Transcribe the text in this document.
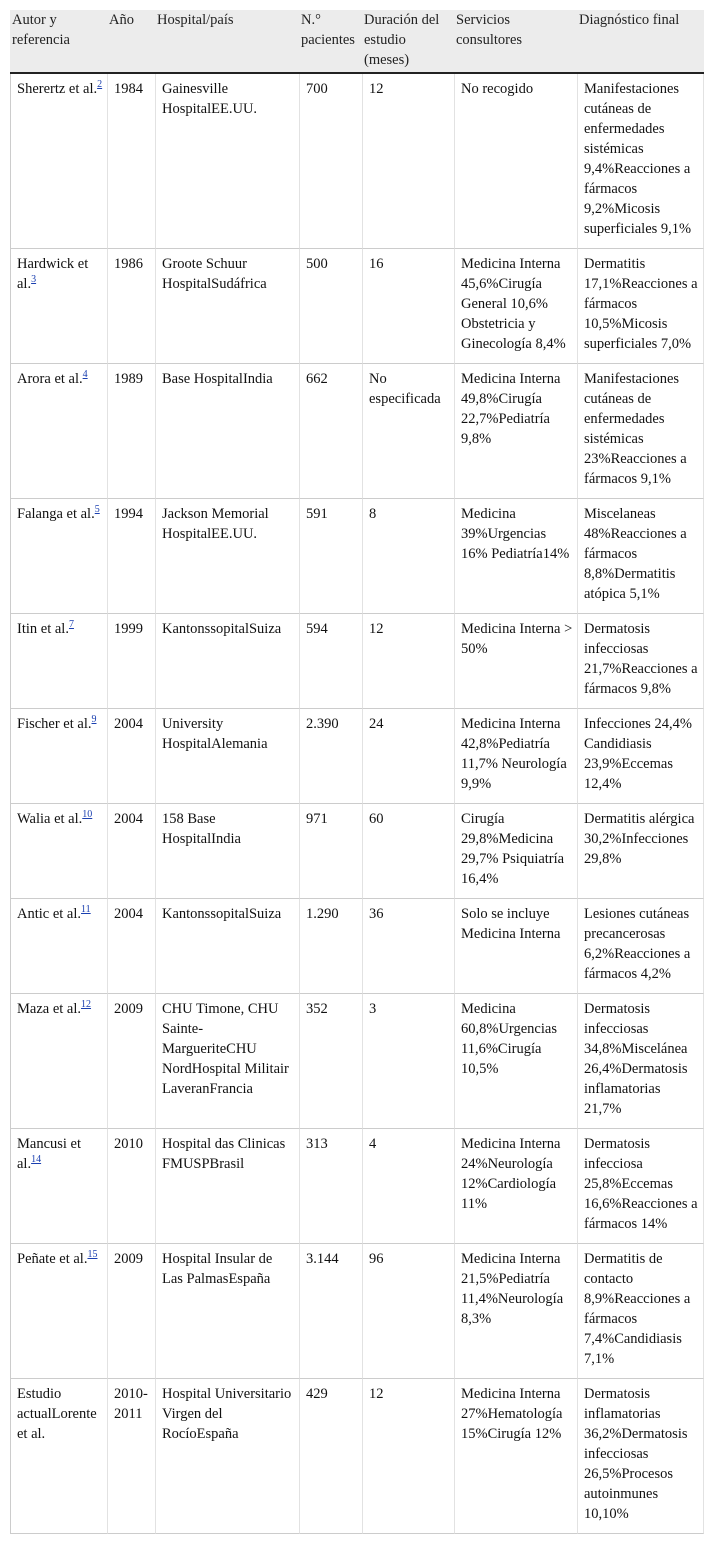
Autor y referencia	Año	Hospital/país	N.° pacientes	Duración del estudio (meses)	Servicios consultores	Diagnóstico final
Sherertz et al.$^2$	1984	Gainesville HospitalEE.UU.	700	12	No recogido	Manifestaciones cutáneas de enfermedades sistémicas 9,4%Reacciones a fármacos 9,2%Micosis superficiales 9,1%
Hardwick et al.$^3$	1986	Groote Schuur HospitalSudáfrica	500	16	Medicina Interna 45,6%Cirugía General 10,6% Obstetricia y Ginecología 8,4%	Dermatitis 17,1%Reacciones a fármacos 10,5%Micosis superficiales 7,0%
Arora et al.$^4$	1989	Base HospitalIndia	662	No especificada	Medicina Interna 49,8%Cirugía 22,7%Pediatría 9,8%	Manifestaciones cutáneas de enfermedades sistémicas 23%Reacciones a fármacos 9,1%
Falanga et al.$^5$	1994	Jackson Memorial HospitalEE.UU.	591	8	Medicina 39%Urgencias 16% Pediatría14%	Miscelaneas 48%Reacciones a fármacos 8,8%Dermatitis atópica 5,1%
Itin et al.$^7$	1999	KantonssopitalSuiza	594	12	Medicina Interna > 50%	Dermatosis infecciosas 21,7%Reacciones a fármacos 9,8%
Fischer et al.$^9$	2004	University HospitalAlemania	2.390	24	Medicina Interna 42,8%Pediatría 11,7% Neurología 9,9%	Infecciones 24,4% Candidiasis 23,9%Eccemas 12,4%
Walia et al.$^{10}$	2004	158 Base HospitalIndia	971	60	Cirugía 29,8%Medicina 29,7% Psiquiatría 16,4%	Dermatitis alérgica 30,2%Infecciones 29,8%
Antic et al.$^{11}$	2004	KantonssopitalSuiza	1.290	36	Solo se incluye Medicina Interna	Lesiones cutáneas precancerosas 6,2%Reacciones a fármacos 4,2%
Maza et al.$^{12}$	2009	CHU Timone, CHU Sainte-MargueriteCHU NordHospital Militair LaveranFrancia	352	3	Medicina 60,8%Urgencias 11,6%Cirugía 10,5%	Dermatosis infecciosas 34,8%Miscelánea 26,4%Dermatosis inflamatorias 21,7%
Mancusi et al.$^{14}$	2010	Hospital das Clinicas FMUSPBrasil	313	4	Medicina Interna 24%Neurología 12%Cardiología 11%	Dermatosis infecciosa 25,8%Eccemas 16,6%Reacciones a fármacos 14%
Peñate et al.$^{15}$	2009	Hospital Insular de Las PalmasEspaña	3.144	96	Medicina Interna 21,5%Pediatría 11,4%Neurología 8,3%	Dermatitis de contacto 8,9%Reacciones a fármacos 7,4%Candidiasis 7,1%
Estudio actualLorente et al.	2010-2011	Hospital Universitario Virgen del RocíoEspaña	429	12	Medicina Interna 27%Hematología 15%Cirugía 12%	Dermatosis inflamatorias 36,2%Dermatosis infecciosas 26,5%Procesos autoinmunes 10,10%
